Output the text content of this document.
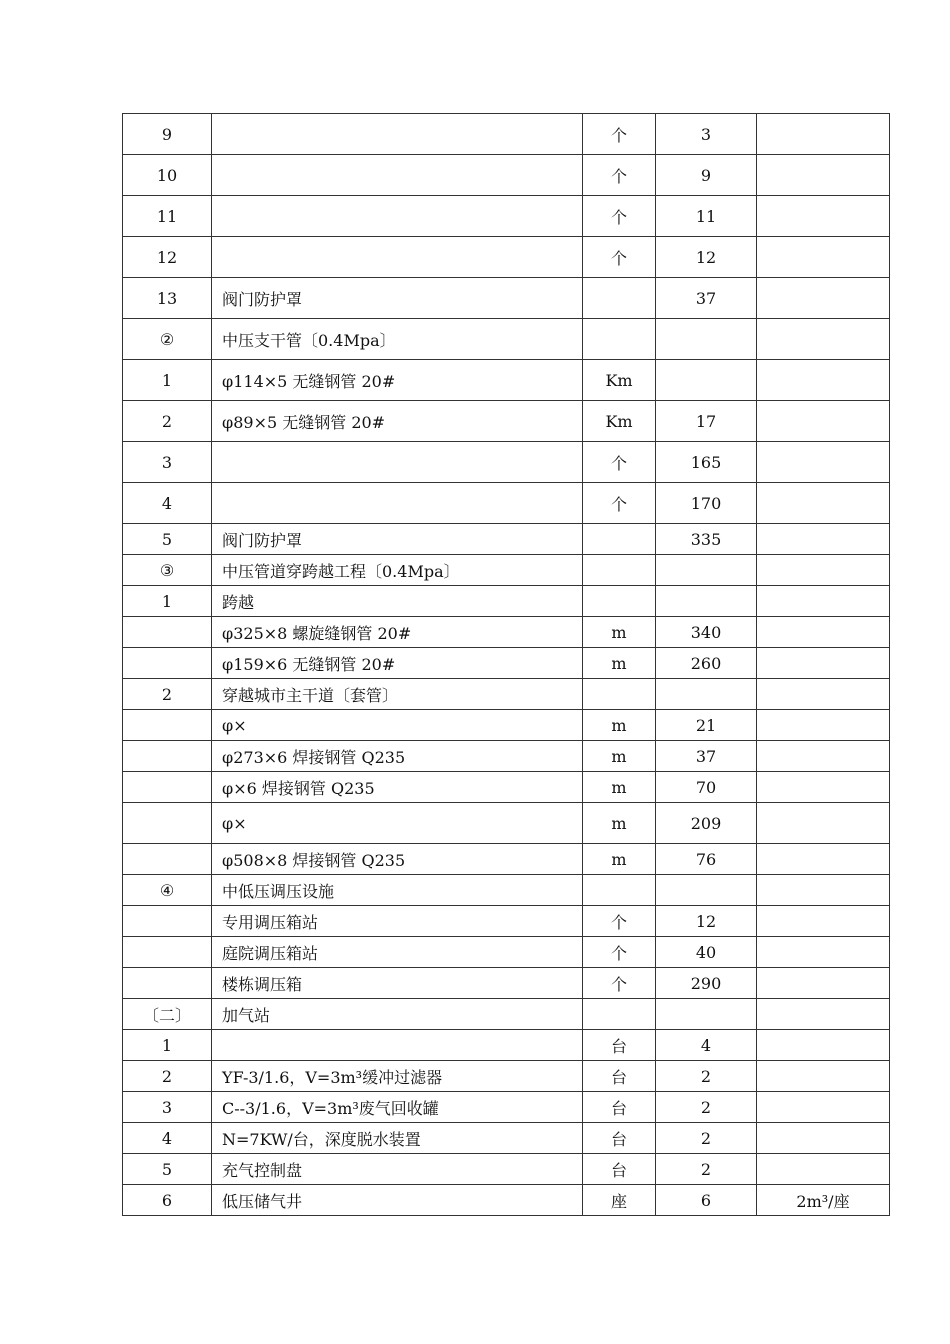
9		个	3	
10		个	9	
11		个	11	
12		个	12	
13	阀门防护罩		37	
②	中压支干管〔0.4Mpa〕			
1	φ114×5 无缝钢管 20#	Km		
2	φ89×5 无缝钢管 20#	Km	17	
3		个	165	
4		个	170	
5	阀门防护罩		335	
③	中压管道穿跨越工程〔0.4Mpa〕			
1	跨越			
	φ325×8 螺旋缝钢管 20#	m	340	
	φ159×6 无缝钢管 20#	m	260	
2	穿越城市主干道〔套管〕			
	φ×	m	21	
	φ273×6 焊接钢管 Q235	m	37	
	φ×6 焊接钢管 Q235	m	70	
	φ×	m	209	
	φ508×8 焊接钢管 Q235	m	76	
④	中低压调压设施			
	专用调压箱站	个	12	
	庭院调压箱站	个	40	
	楼栋调压箱	个	290	
〔二〕	加气站			
1		台	4	
2	YF-3/1.6，V=3m³缓冲过滤器	台	2	
3	C--3/1.6，V=3m³废气回收罐	台	2	
4	N=7KW/台，深度脱水装置	台	2	
5	充气控制盘	台	2	
6	低压储气井	座	6	2m³/座
